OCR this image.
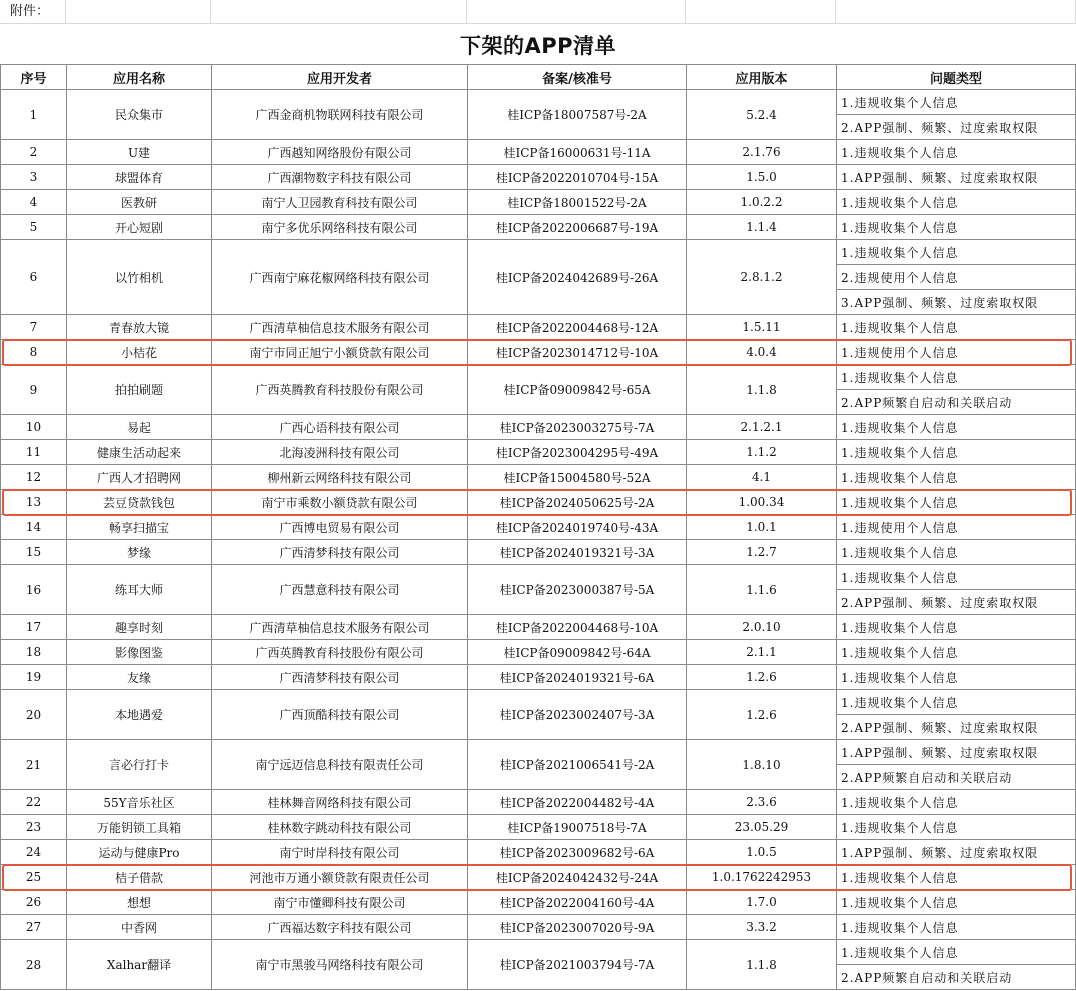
附件：
下架的APP清单
序号	应用名称	应用开发者	备案/核准号	应用版本	问题类型
1	民众集市	广西金商机物联网科技有限公司	桂ICP备18007587号-2A	5.2.4	1.违规收集个人信息
					2.APP强制、频繁、过度索取权限
2	U建	广西越知网络股份有限公司	桂ICP备16000631号-11A	2.1.76	1.违规收集个人信息
3	球盟体育	广西潮物数字科技有限公司	桂ICP备2022010704号-15A	1.5.0	1.APP强制、频繁、过度索取权限
4	医教研	南宁人卫园教育科技有限公司	桂ICP备18001522号-2A	1.0.2.2	1.违规收集个人信息
5	开心短剧	南宁多优乐网络科技有限公司	桂ICP备2022006687号-19A	1.1.4	1.违规收集个人信息
6	以竹相机	广西南宁麻花椒网络科技有限公司	桂ICP备2024042689号-26A	2.8.1.2	1.违规收集个人信息
					2.违规使用个人信息
					3.APP强制、频繁、过度索取权限
7	青春放大镜	广西清草柚信息技术服务有限公司	桂ICP备2022004468号-12A	1.5.11	1.违规收集个人信息
8	小桔花	南宁市同正旭宁小额贷款有限公司	桂ICP备2023014712号-10A	4.0.4	1.违规使用个人信息
9	拍拍刷题	广西英腾教育科技股份有限公司	桂ICP备09009842号-65A	1.1.8	1.违规收集个人信息
					2.APP频繁自启动和关联启动
10	易起	广西心语科技有限公司	桂ICP备2023003275号-7A	2.1.2.1	1.违规收集个人信息
11	健康生活动起来	北海凌洲科技有限公司	桂ICP备2023004295号-49A	1.1.2	1.违规收集个人信息
12	广西人才招聘网	柳州新云网络科技有限公司	桂ICP备15004580号-52A	4.1	1.违规收集个人信息
13	芸豆贷款钱包	南宁市乘数小额贷款有限公司	桂ICP备2024050625号-2A	1.00.34	1.违规收集个人信息
14	畅享扫描宝	广西博电贸易有限公司	桂ICP备2024019740号-43A	1.0.1	1.违规使用个人信息
15	梦缘	广西清梦科技有限公司	桂ICP备2024019321号-3A	1.2.7	1.违规收集个人信息
16	练耳大师	广西慧意科技有限公司	桂ICP备2023000387号-5A	1.1.6	1.违规收集个人信息
					2.APP强制、频繁、过度索取权限
17	趣享时刻	广西清草柚信息技术服务有限公司	桂ICP备2022004468号-10A	2.0.10	1.违规收集个人信息
18	影像图鉴	广西英腾教育科技股份有限公司	桂ICP备09009842号-64A	2.1.1	1.违规收集个人信息
19	友缘	广西清梦科技有限公司	桂ICP备2024019321号-6A	1.2.6	1.违规收集个人信息
20	本地遇爱	广西顶酷科技有限公司	桂ICP备2023002407号-3A	1.2.6	1.违规收集个人信息
					2.APP强制、频繁、过度索取权限
21	言必行打卡	南宁远迈信息科技有限责任公司	桂ICP备2021006541号-2A	1.8.10	1.APP强制、频繁、过度索取权限
					2.APP频繁自启动和关联启动
22	55Y音乐社区	桂林舞音网络科技有限公司	桂ICP备2022004482号-4A	2.3.6	1.违规收集个人信息
23	万能钥锁工具箱	桂林数字跳动科技有限公司	桂ICP备19007518号-7A	23.05.29	1.违规收集个人信息
24	运动与健康Pro	南宁时岸科技有限公司	桂ICP备2023009682号-6A	1.0.5	1.APP强制、频繁、过度索取权限
25	桔子借款	河池市万通小额贷款有限责任公司	桂ICP备2024042432号-24A	1.0.1762242953	1.违规收集个人信息
26	想想	南宁市懂卿科技有限公司	桂ICP备2022004160号-4A	1.7.0	1.违规收集个人信息
27	中香网	广西福达数字科技有限公司	桂ICP备2023007020号-9A	3.3.2	1.违规收集个人信息
28	Xalhar翻译	南宁市黑骏马网络科技有限公司	桂ICP备2021003794号-7A	1.1.8	1.违规收集个人信息
					2.APP频繁自启动和关联启动
